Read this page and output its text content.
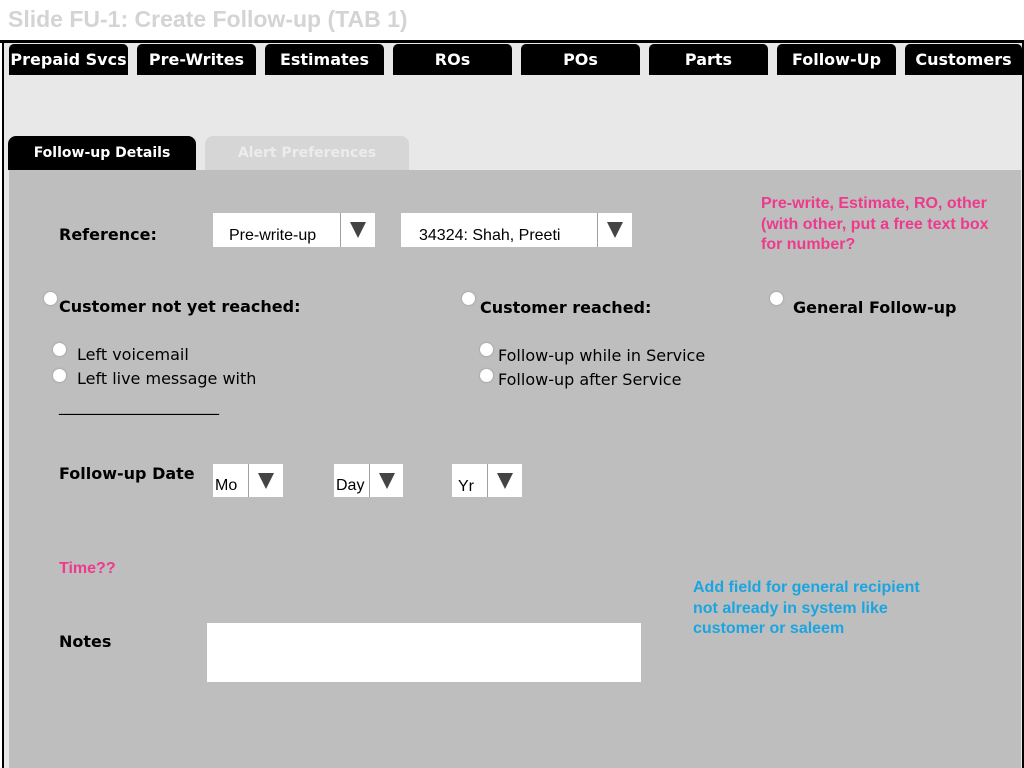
Slide FU-1: Create Follow-up (TAB 1)
Prepaid Svcs	Pre-Writes	Estimates	ROs	POs	Parts	Follow-Up	Customers
Follow-up Details	Alert Preferences
Reference:	Pre-write-up	34324: Shah, Preeti
Pre-write, Estimate, RO, other
(with other, put a free text box
for number?
Customer not yet reached:	Customer reached:	General Follow-up
Left voicemail
Left live message with
____________________
Follow-up while in Service
Follow-up after Service
Follow-up Date
Mo	Day	Yr
Time??
Add field for general recipient
not already in system like
customer or saleem
Notes
